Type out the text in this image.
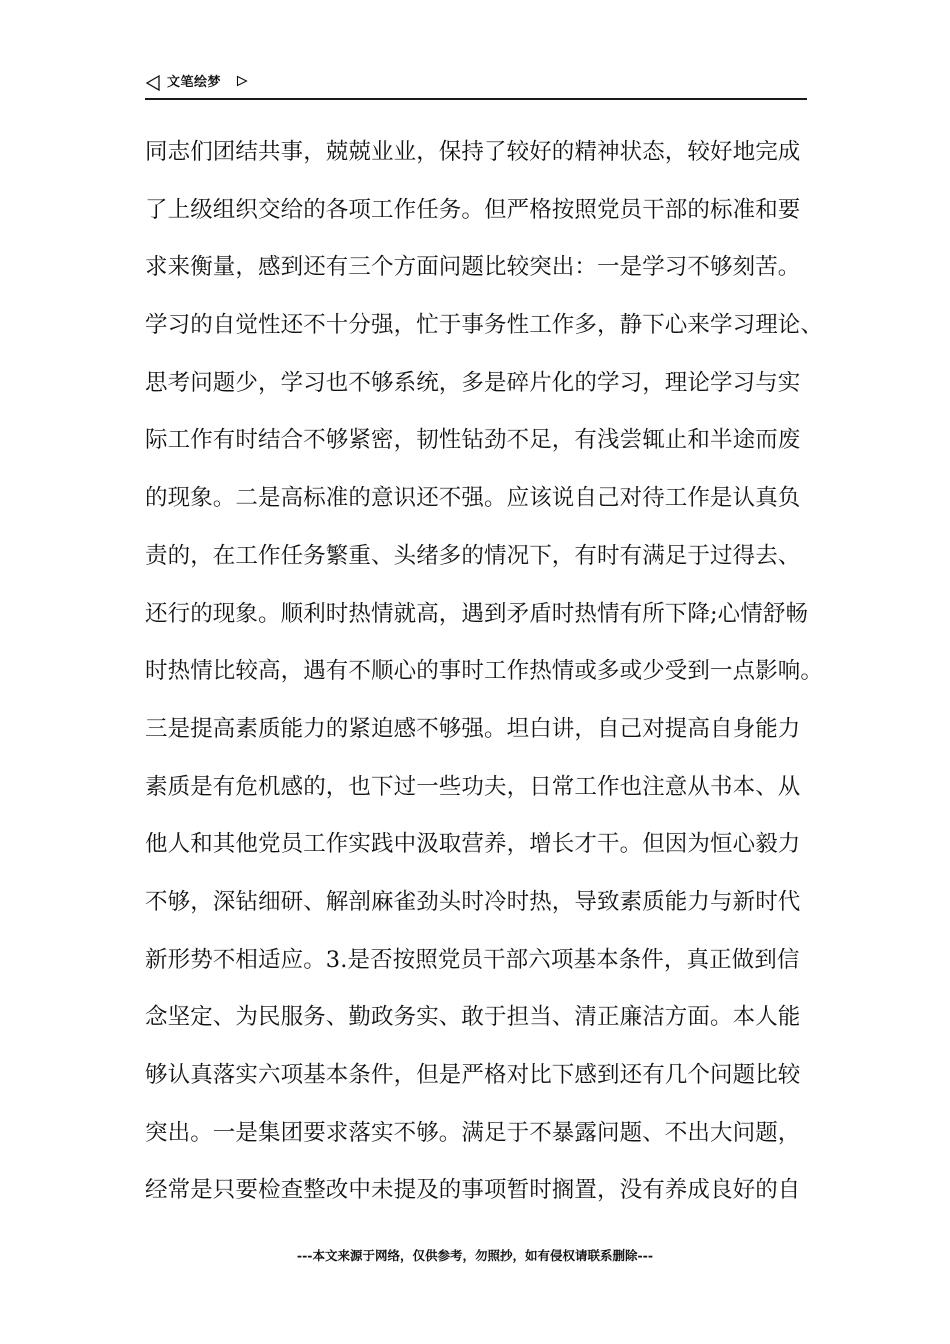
文笔绘梦
同志们团结共事，兢兢业业，保持了较好的精神状态，较好地完成
了上级组织交给的各项工作任务。但严格按照党员干部的标准和要
求来衡量，感到还有三个方面问题比较突出：一是学习不够刻苦。
学习的自觉性还不十分强，忙于事务性工作多，静下心来学习理论、
思考问题少，学习也不够系统，多是碎片化的学习，理论学习与实
际工作有时结合不够紧密，韧性钻劲不足，有浅尝辄止和半途而废
的现象。二是高标准的意识还不强。应该说自己对待工作是认真负
责的，在工作任务繁重、头绪多的情况下，有时有满足于过得去、
还行的现象。顺利时热情就高，遇到矛盾时热情有所下降;心情舒畅
时热情比较高，遇有不顺心的事时工作热情或多或少受到一点影响。
三是提高素质能力的紧迫感不够强。坦白讲，自己对提高自身能力
素质是有危机感的，也下过一些功夫，日常工作也注意从书本、从
他人和其他党员工作实践中汲取营养，增长才干。但因为恒心毅力
不够，深钻细研、解剖麻雀劲头时冷时热，导致素质能力与新时代
新形势不相适应。3.是否按照党员干部六项基本条件，真正做到信
念坚定、为民服务、勤政务实、敢于担当、清正廉洁方面。本人能
够认真落实六项基本条件，但是严格对比下感到还有几个问题比较
突出。一是集团要求落实不够。满足于不暴露问题、不出大问题，
经常是只要检查整改中未提及的事项暂时搁置，没有养成良好的自
---本文来源于网络，仅供参考，勿照抄，如有侵权请联系删除---
